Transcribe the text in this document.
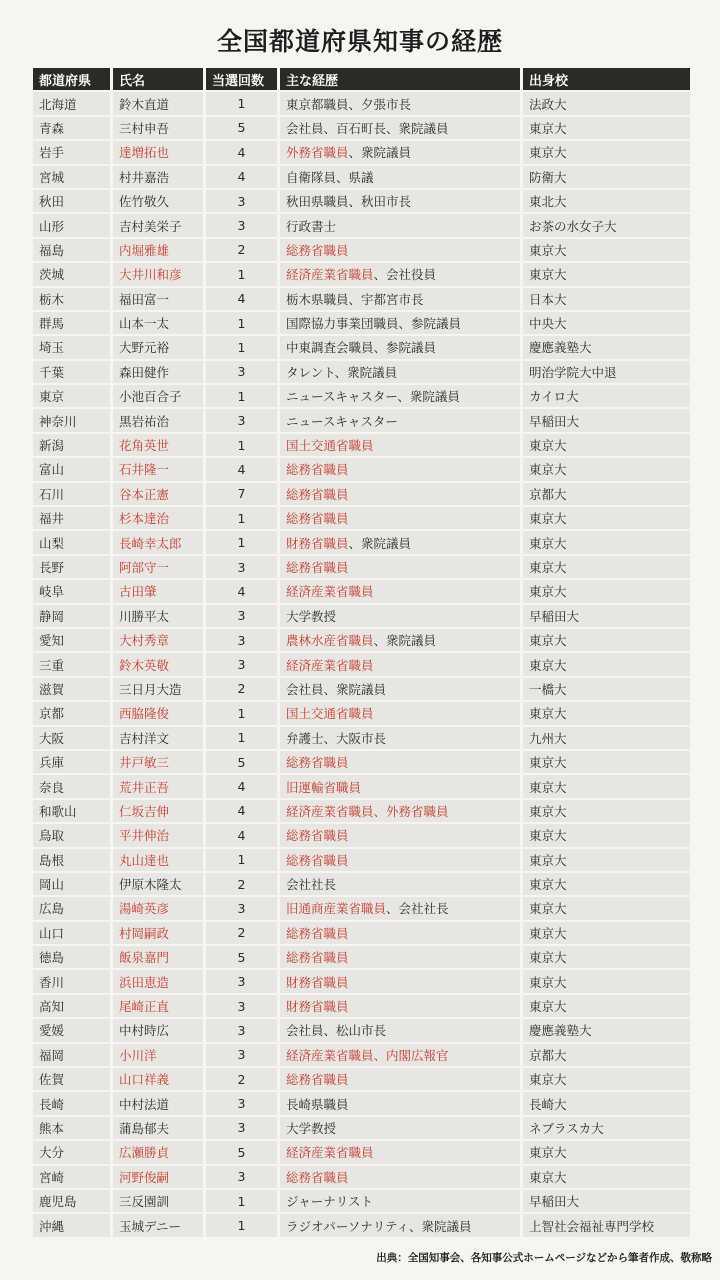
全国都道府県知事の経歴
都道府県	氏名	当選回数	主な経歴	出身校
北海道	鈴木直道	1	東京都職員、夕張市長	法政大
青森	三村申吾	5	会社員、百石町長、衆院議員	東京大
岩手	達増拓也	4	外務省職員 、衆院議員	東京大
宮城	村井嘉浩	4	自衛隊員、県議	防衛大
秋田	佐竹敬久	3	秋田県職員、秋田市長	東北大
山形	吉村美栄子	3	行政書士	お茶の水女子大
福島	内堀雅雄	2	総務省職員	東京大
茨城	大井川和彦	1	経済産業省職員 、会社役員	東京大
栃木	福田富一	4	栃木県職員、宇都宮市長	日本大
群馬	山本一太	1	国際協力事業団職員、参院議員	中央大
埼玉	大野元裕	1	中東調査会職員、参院議員	慶應義塾大
千葉	森田健作	3	タレント、衆院議員	明治学院大中退
東京	小池百合子	1	ニュースキャスター、衆院議員	カイロ大
神奈川	黒岩祐治	3	ニュースキャスター	早稲田大
新潟	花角英世	1	国土交通省職員	東京大
富山	石井隆一	4	総務省職員	東京大
石川	谷本正憲	7	総務省職員	京都大
福井	杉本達治	1	総務省職員	東京大
山梨	長崎幸太郎	1	財務省職員 、衆院議員	東京大
長野	阿部守一	3	総務省職員	東京大
岐阜	古田肇	4	経済産業省職員	東京大
静岡	川勝平太	3	大学教授	早稲田大
愛知	大村秀章	3	農林水産省職員 、衆院議員	東京大
三重	鈴木英敬	3	経済産業省職員	東京大
滋賀	三日月大造	2	会社員、衆院議員	一橋大
京都	西脇隆俊	1	国土交通省職員	東京大
大阪	吉村洋文	1	弁護士、大阪市長	九州大
兵庫	井戸敏三	5	総務省職員	東京大
奈良	荒井正吾	4	旧運輸省職員	東京大
和歌山	仁坂吉伸	4	経済産業省職員、外務省職員	東京大
鳥取	平井伸治	4	総務省職員	東京大
島根	丸山達也	1	総務省職員	東京大
岡山	伊原木隆太	2	会社社長	東京大
広島	湯崎英彦	3	旧通商産業省職員 、会社社長	東京大
山口	村岡嗣政	2	総務省職員	東京大
徳島	飯泉嘉門	5	総務省職員	東京大
香川	浜田恵造	3	財務省職員	東京大
高知	尾崎正直	3	財務省職員	東京大
愛媛	中村時広	3	会社員、松山市長	慶應義塾大
福岡	小川洋	3	経済産業省職員、内閣広報官	京都大
佐賀	山口祥義	2	総務省職員	東京大
長崎	中村法道	3	長崎県職員	長崎大
熊本	蒲島郁夫	3	大学教授	ネブラスカ大
大分	広瀬勝貞	5	経済産業省職員	東京大
宮崎	河野俊嗣	3	総務省職員	東京大
鹿児島	三反園訓	1	ジャーナリスト	早稲田大
沖縄	玉城デニー	1	ラジオパーソナリティ、衆院議員	上智社会福祉専門学校
出典：全国知事会、各知事公式ホームページなどから筆者作成、敬称略
